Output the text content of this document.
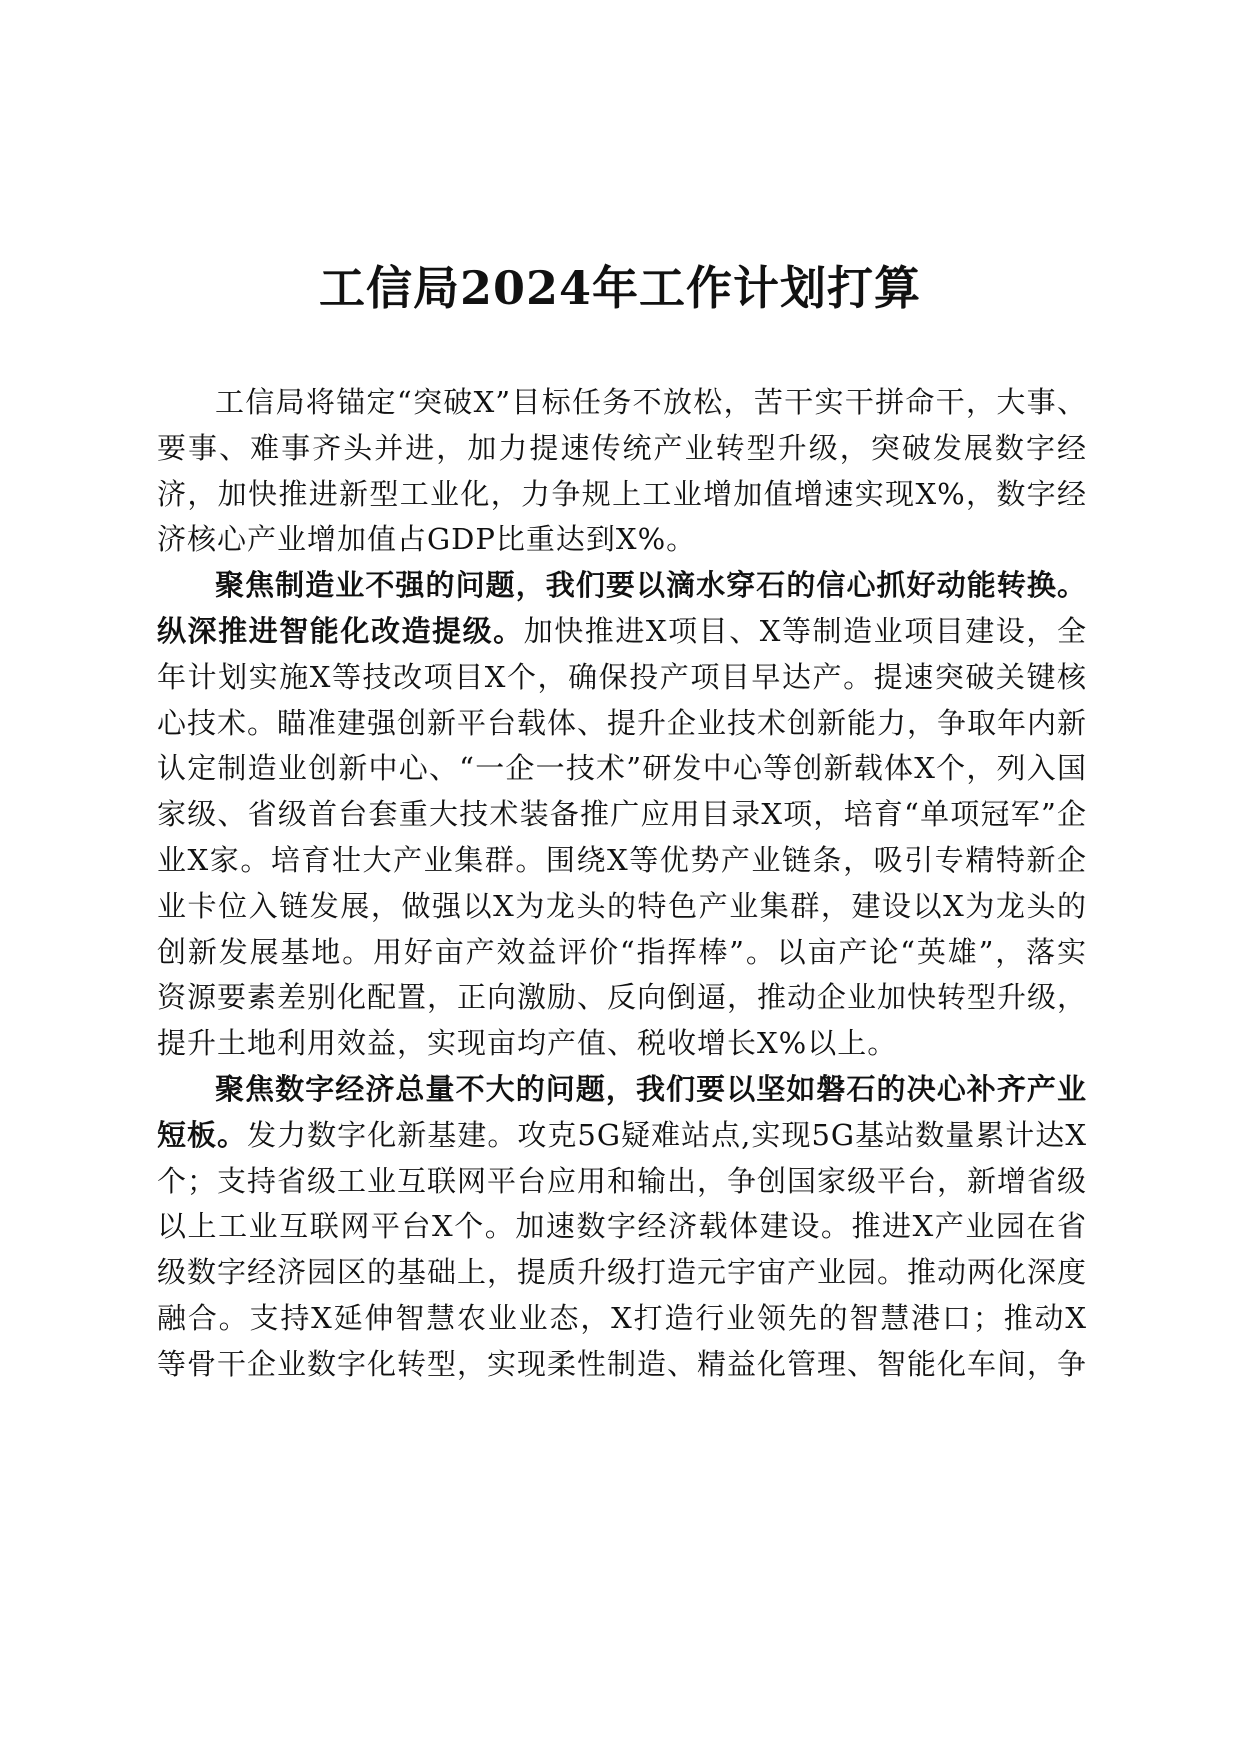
工信局2024年工作计划打算

工信局将锚定“突破X”目标任务不放松，苦干实干拼命干，大事、要事、难事齐头并进，加力提速传统产业转型升级，突破发展数字经济，加快推进新型工业化，力争规上工业增加值增速实现X%，数字经济核心产业增加值占GDP比重达到X%。

聚焦制造业不强的问题，我们要以滴水穿石的信心抓好动能转换。纵深推进智能化改造提级。加快推进X项目、X等制造业项目建设，全年计划实施X等技改项目X个，确保投产项目早达产。提速突破关键核心技术。瞄准建强创新平台载体、提升企业技术创新能力，争取年内新认定制造业创新中心、“一企一技术”研发中心等创新载体X个，列入国家级、省级首台套重大技术装备推广应用目录X项，培育“单项冠军”企业X家。培育壮大产业集群。围绕X等优势产业链条，吸引专精特新企业卡位入链发展，做强以X为龙头的特色产业集群，建设以X为龙头的创新发展基地。用好亩产效益评价“指挥棒”。以亩产论“英雄”，落实资源要素差别化配置，正向激励、反向倒逼，推动企业加快转型升级，提升土地利用效益，实现亩均产值、税收增长X%以上。

聚焦数字经济总量不大的问题，我们要以坚如磐石的决心补齐产业短板。发力数字化新基建。攻克5G疑难站点,实现5G基站数量累计达X个；支持省级工业互联网平台应用和输出，争创国家级平台，新增省级以上工业互联网平台X个。加速数字经济载体建设。推进X产业园在省级数字经济园区的基础上，提质升级打造元宇宙产业园。推动两化深度融合。支持X延伸智慧农业业态，X打造行业领先的智慧港口；推动X等骨干企业数字化转型，实现柔性制造、精益化管理、智能化车间，争
